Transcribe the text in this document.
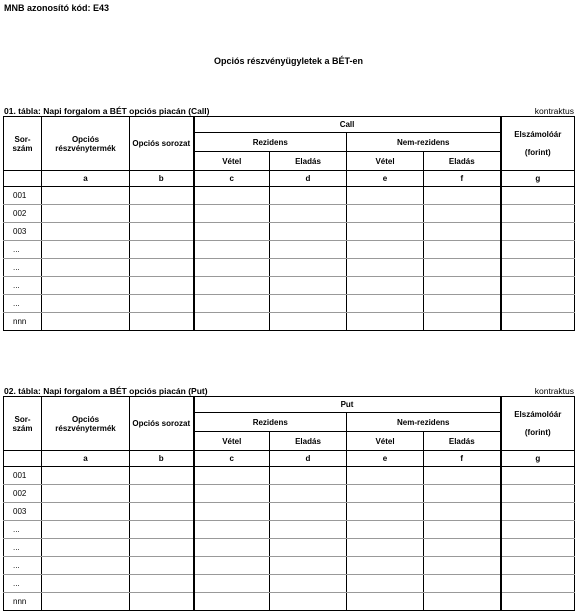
MNB azonosító kód: E43
Opciós részvényügyletek a BÉT-en
01. tábla: Napi forgalom a BÉT opciós piacán (Call)	kontraktus
Sor-
szám	Opciós részvénytermék	Opciós sorozat	Call				Elszámolóár

(forint)
			Rezidens		Nem-rezidens		
			Vétel	Eladás	Vétel	Eladás	
	a	b	c	d	e	f	g
001							
002							
003							
...							
...							
...							
...							
nnn							
02. tábla: Napi forgalom a BÉT opciós piacán (Put)	kontraktus
Sor-
szám	Opciós részvénytermék	Opciós sorozat	Put				Elszámolóár

(forint)
			Rezidens		Nem-rezidens		
			Vétel	Eladás	Vétel	Eladás	
	a	b	c	d	e	f	g
001							
002							
003							
...							
...							
...							
...							
nnn							
